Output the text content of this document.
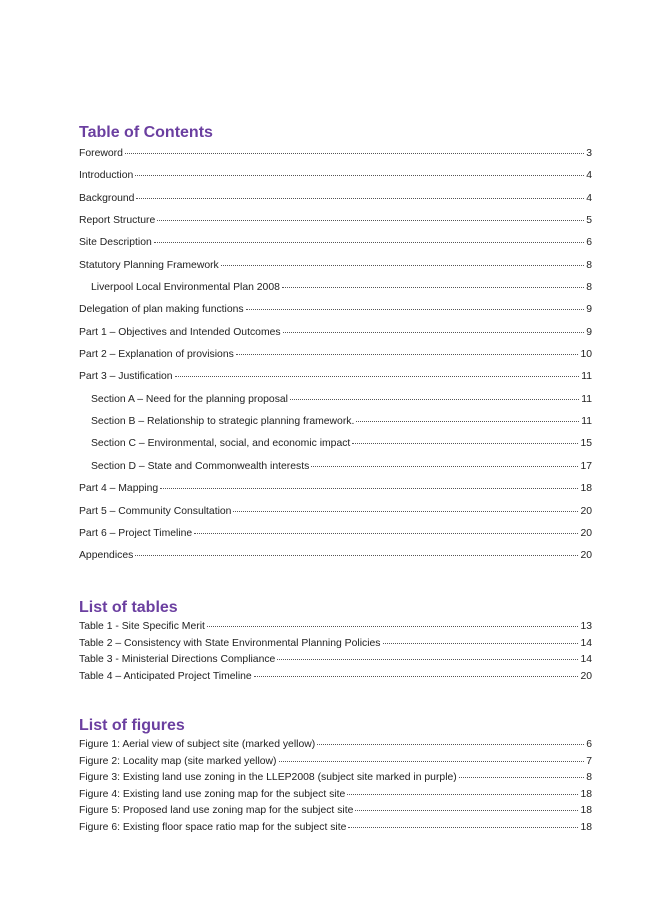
Table of Contents
Foreword	3
Introduction	4
Background	4
Report Structure	5
Site Description	6
Statutory Planning Framework	8
Liverpool Local Environmental Plan 2008	8
Delegation of plan making functions	9
Part 1 – Objectives and Intended Outcomes	9
Part 2 – Explanation of provisions	10
Part 3 – Justification	11
Section A – Need for the planning proposal	11
Section B – Relationship to strategic planning framework.	11
Section C – Environmental, social, and economic impact	15
Section D – State and Commonwealth interests	17
Part 4 – Mapping	18
Part 5 – Community Consultation	20
Part 6 – Project Timeline	20
Appendices	20
List of tables
Table 1 - Site Specific Merit	13
Table 2 – Consistency with State Environmental Planning Policies	14
Table 3 - Ministerial Directions Compliance	14
Table 4 – Anticipated Project Timeline	20
List of figures
Figure 1: Aerial view of subject site (marked yellow)	6
Figure 2: Locality map (site marked yellow)	7
Figure 3: Existing land use zoning in the LLEP2008 (subject site marked in purple)	8
Figure 4: Existing land use zoning map for the subject site	18
Figure 5: Proposed land use zoning map for the subject site	18
Figure 6: Existing floor space ratio map for the subject site	18
